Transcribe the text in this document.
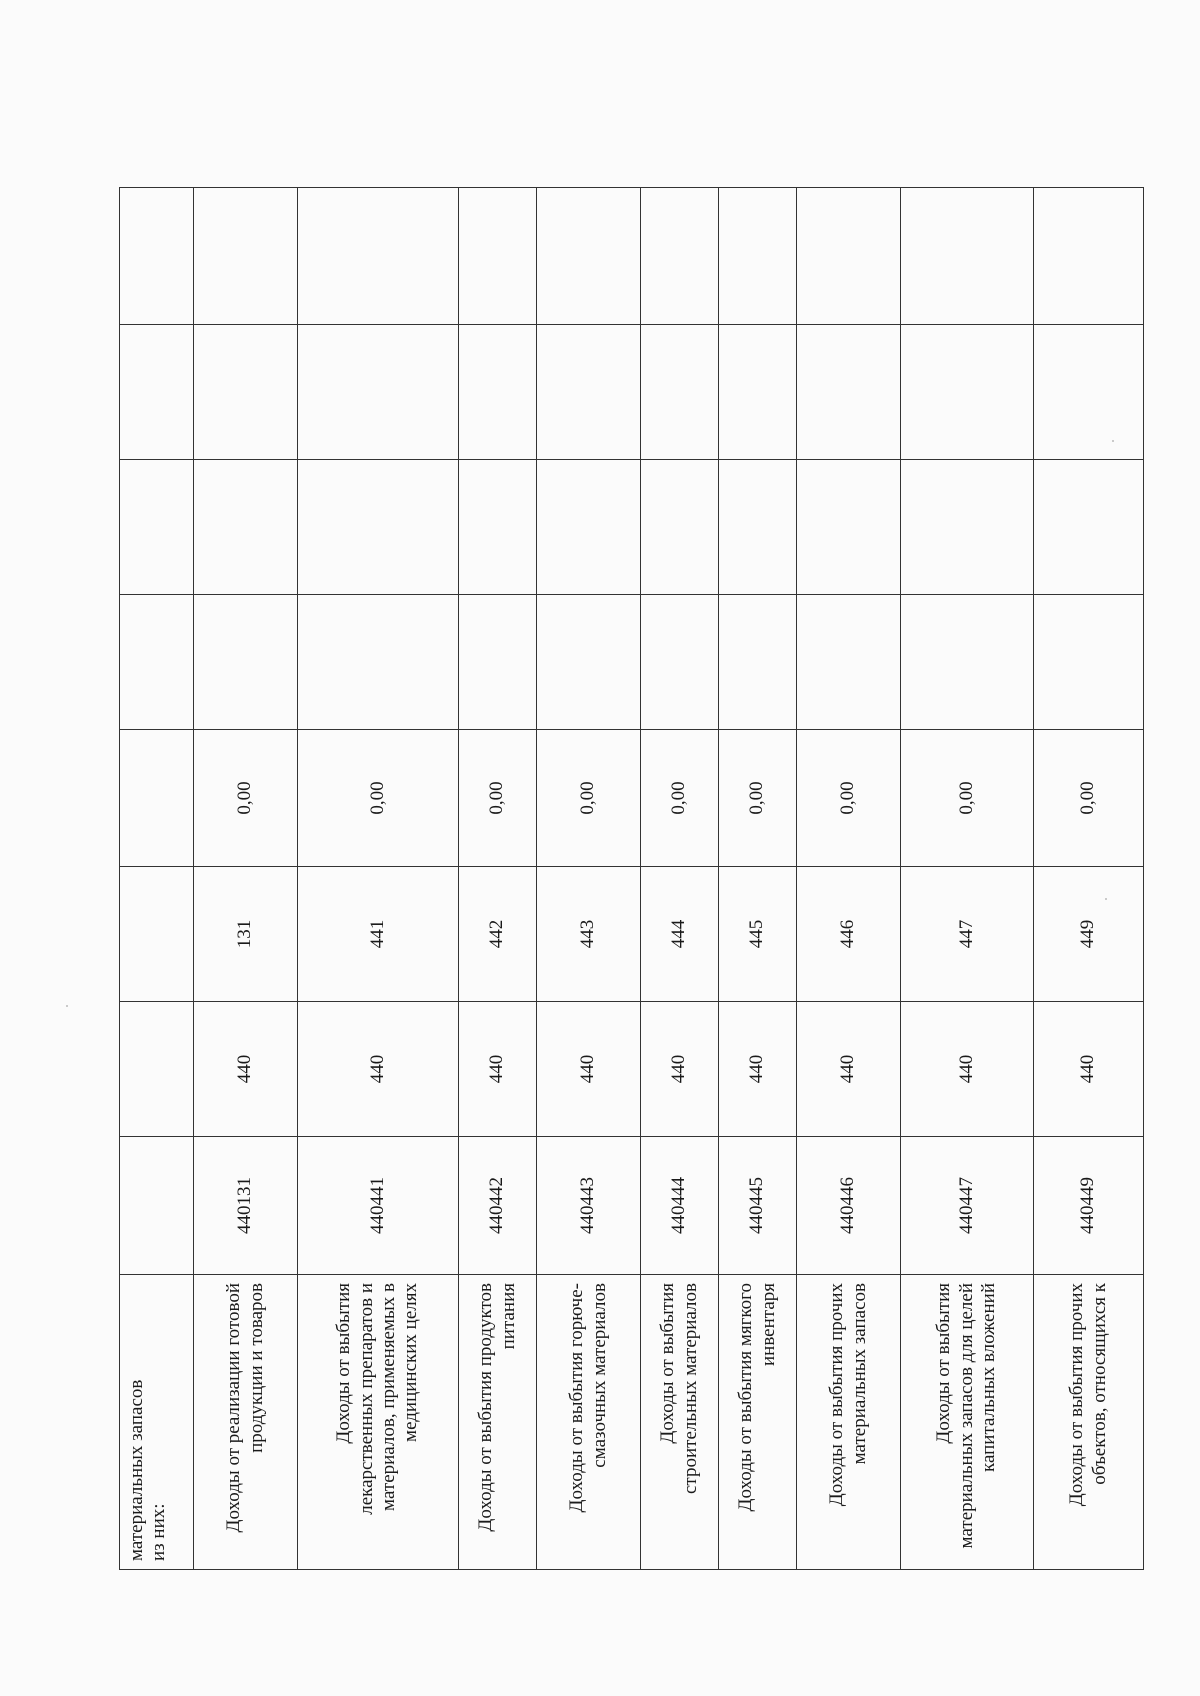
материальных запасов из них:								

Доходы от реализации готовой продукции и товаров	440131	440	131	0,00				
Доходы от выбытия лекарственных препаратов и материалов, применяемых в медицинских целях	440441	440	441	0,00				
Доходы от выбытия продуктов питания	440442	440	442	0,00				
Доходы от выбытия горюче-смазочных материалов	440443	440	443	0,00				
Доходы от выбытия строительных материалов	440444	440	444	0,00				
Доходы от выбытия мягкого инвентаря	440445	440	445	0,00				
Доходы от выбытия прочих материальных запасов	440446	440	446	0,00				
Доходы от выбытия материальных запасов для целей капитальных вложений	440447	440	447	0,00				
Доходы от выбытия прочих объектов, относящихся к	440449	440	449	0,00				
